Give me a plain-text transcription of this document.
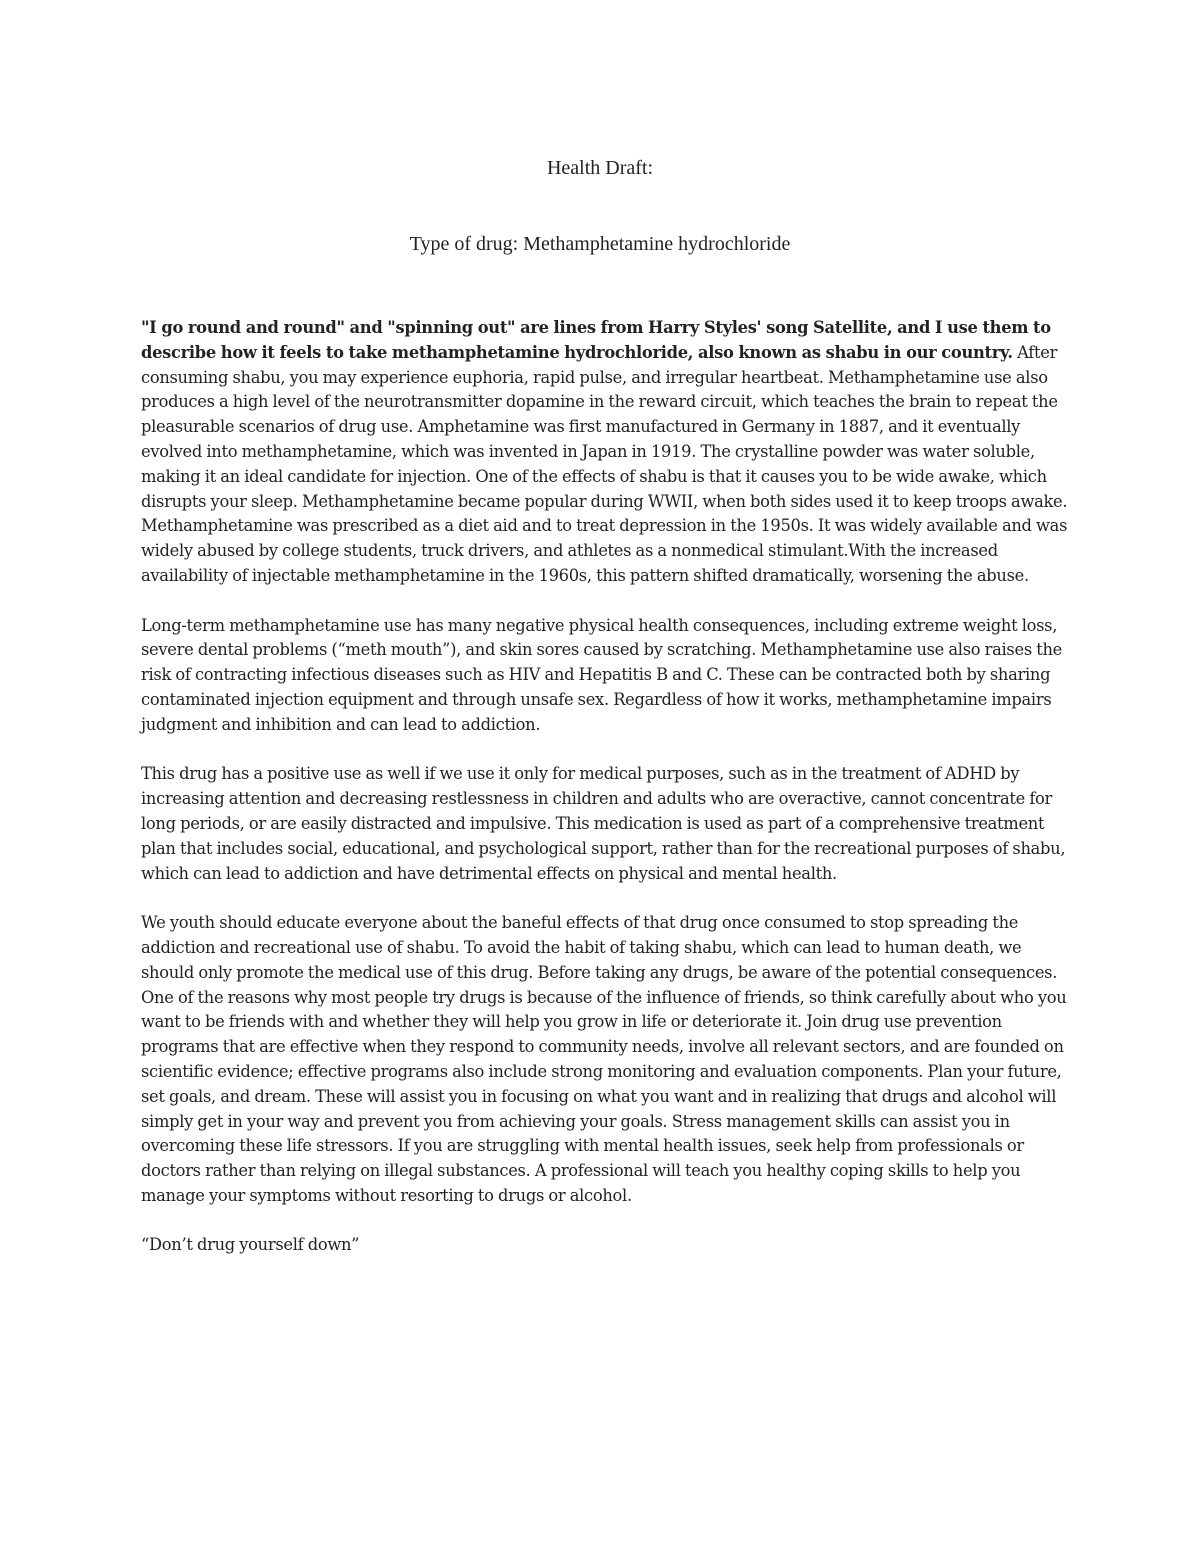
Health Draft:
Type of drug: Methamphetamine hydrochloride

"I go round and round" and "spinning out" are lines from Harry Styles' song Satellite, and I use them to describe how it feels to take methamphetamine hydrochloride, also known as shabu in our country. After consuming shabu, you may experience euphoria, rapid pulse, and irregular heartbeat. Methamphetamine use also produces a high level of the neurotransmitter dopamine in the reward circuit, which teaches the brain to repeat the pleasurable scenarios of drug use. Amphetamine was first manufactured in Germany in 1887, and it eventually evolved into methamphetamine, which was invented in Japan in 1919. The crystalline powder was water soluble, making it an ideal candidate for injection. One of the effects of shabu is that it causes you to be wide awake, which disrupts your sleep. Methamphetamine became popular during WWII, when both sides used it to keep troops awake. Methamphetamine was prescribed as a diet aid and to treat depression in the 1950s. It was widely available and was widely abused by college students, truck drivers, and athletes as a nonmedical stimulant.With the increased availability of injectable methamphetamine in the 1960s, this pattern shifted dramatically, worsening the abuse.

Long-term methamphetamine use has many negative physical health consequences, including extreme weight loss, severe dental problems (“meth mouth”), and skin sores caused by scratching. Methamphetamine use also raises the risk of contracting infectious diseases such as HIV and Hepatitis B and C. These can be contracted both by sharing contaminated injection equipment and through unsafe sex. Regardless of how it works, methamphetamine impairs judgment and inhibition and can lead to addiction.

This drug has a positive use as well if we use it only for medical purposes, such as in the treatment of ADHD by increasing attention and decreasing restlessness in children and adults who are overactive, cannot concentrate for long periods, or are easily distracted and impulsive. This medication is used as part of a comprehensive treatment plan that includes social, educational, and psychological support, rather than for the recreational purposes of shabu, which can lead to addiction and have detrimental effects on physical and mental health.

We youth should educate everyone about the baneful effects of that drug once consumed to stop spreading the addiction and recreational use of shabu. To avoid the habit of taking shabu, which can lead to human death, we should only promote the medical use of this drug. Before taking any drugs, be aware of the potential consequences. One of the reasons why most people try drugs is because of the influence of friends, so think carefully about who you want to be friends with and whether they will help you grow in life or deteriorate it. Join drug use prevention programs that are effective when they respond to community needs, involve all relevant sectors, and are founded on scientific evidence; effective programs also include strong monitoring and evaluation components. Plan your future, set goals, and dream. These will assist you in focusing on what you want and in realizing that drugs and alcohol will simply get in your way and prevent you from achieving your goals. Stress management skills can assist you in overcoming these life stressors. If you are struggling with mental health issues, seek help from professionals or doctors rather than relying on illegal substances. A professional will teach you healthy coping skills to help you manage your symptoms without resorting to drugs or alcohol.

“Don’t drug yourself down”
